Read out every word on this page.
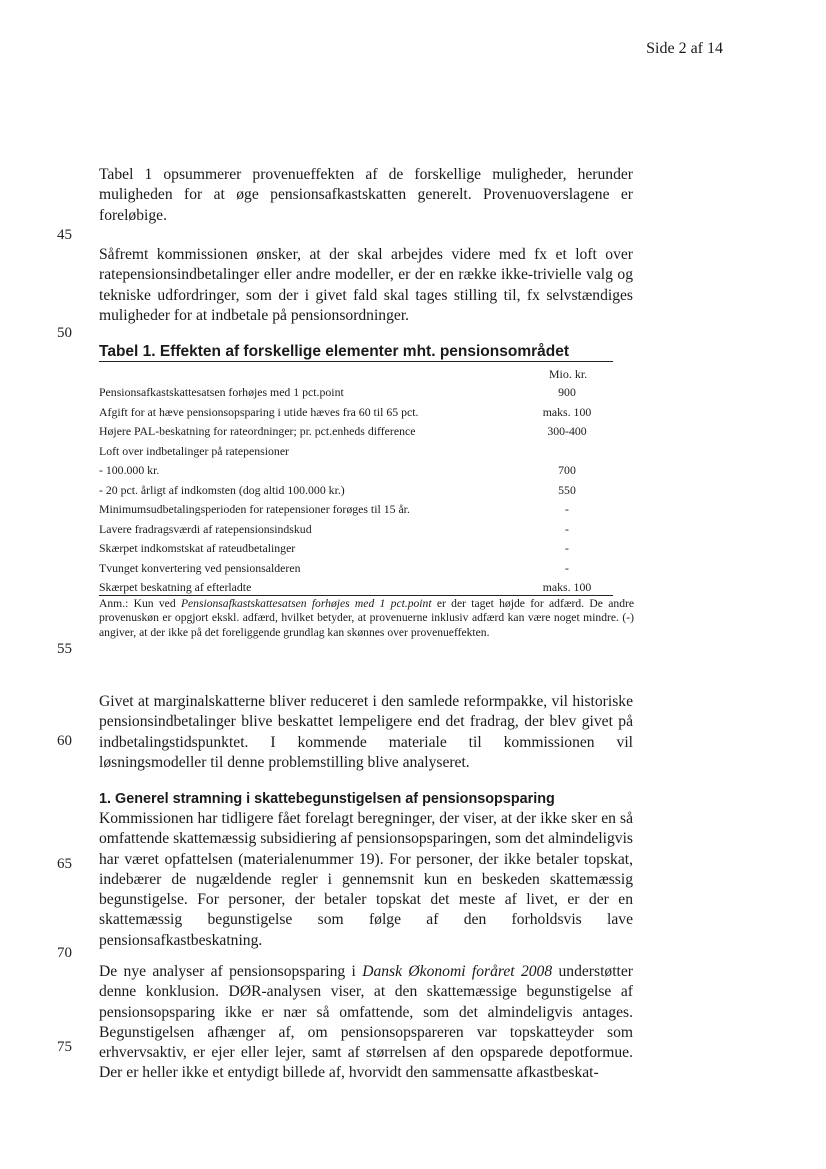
Side 2 af 14
45
50
55
60
65
70
75

Tabel 1 opsummerer provenueffekten af de forskellige muligheder, herunder muligheden for at øge pensionsafkastskatten generelt. Provenuoverslagene er foreløbige.

Såfremt kommissionen ønsker, at der skal arbejdes videre med fx et loft over ratepensionsindbetalinger eller andre modeller, er der en række ikke-trivielle valg og tekniske udfordringer, som der i givet fald skal tages stilling til, fx selvstændiges muligheder for at indbetale på pensionsordninger.

Tabel 1. Effekten af forskellige elementer mht. pensionsområdet
Mio. kr.
Pensionsafkastskattesatsen forhøjes med 1 pct.point	900
Afgift for at hæve pensionsopsparing i utide hæves fra 60 til 65 pct.	maks. 100
Højere PAL-beskatning for rateordninger; pr. pct.enheds difference	300-400
Loft over indbetalinger på ratepensioner
- 100.000 kr.	700
- 20 pct. årligt af indkomsten (dog altid 100.000 kr.)	550
Minimumsudbetalingsperioden for ratepensioner forøges til 15 år.	-
Lavere fradragsværdi af ratepensionsindskud	-
Skærpet indkomstskat af rateudbetalinger	-
Tvunget konvertering ved pensionsalderen	-
Skærpet beskatning af efterladte	maks. 100

Anm.: Kun ved Pensionsafkastskattesatsen forhøjes med 1 pct.point er der taget højde for adfærd. De andre provenuskøn er opgjort ekskl. adfærd, hvilket betyder, at provenuerne inklusiv adfærd kan være noget mindre. (-) angiver, at der ikke på det foreliggende grundlag kan skønnes over provenueffekten.

Givet at marginalskatterne bliver reduceret i den samlede reformpakke, vil historiske pensionsindbetalinger blive beskattet lempeligere end det fradrag, der blev givet på indbetalingstidspunktet. I kommende materiale til kommissionen vil løsningsmodeller til denne problemstilling blive analyseret.

1. Generel stramning i skattebegunstigelsen af pensionsopsparing

Kommissionen har tidligere fået forelagt beregninger, der viser, at der ikke sker en så omfattende skattemæssig subsidiering af pensionsopsparingen, som det almindeligvis har været opfattelsen (materialenummer 19). For personer, der ikke betaler topskat, indebærer de nugældende regler i gennemsnit kun en beskeden skattemæssig begunstigelse. For personer, der betaler topskat det meste af livet, er der en skattemæssig begunstigelse som følge af den forholdsvis lave pensionsafkastbeskatning.

De nye analyser af pensionsopsparing i Dansk Økonomi foråret 2008 understøtter denne konklusion. DØR-analysen viser, at den skattemæssige begunstigelse af pensionsopsparing ikke er nær så omfattende, som det almindeligvis antages. Begunstigelsen afhænger af, om pensionsopspareren var topskatteyder som erhvervsaktiv, er ejer eller lejer, samt af størrelsen af den opsparede depotformue. Der er heller ikke et entydigt billede af, hvorvidt den sammensatte afkastbeskat-
